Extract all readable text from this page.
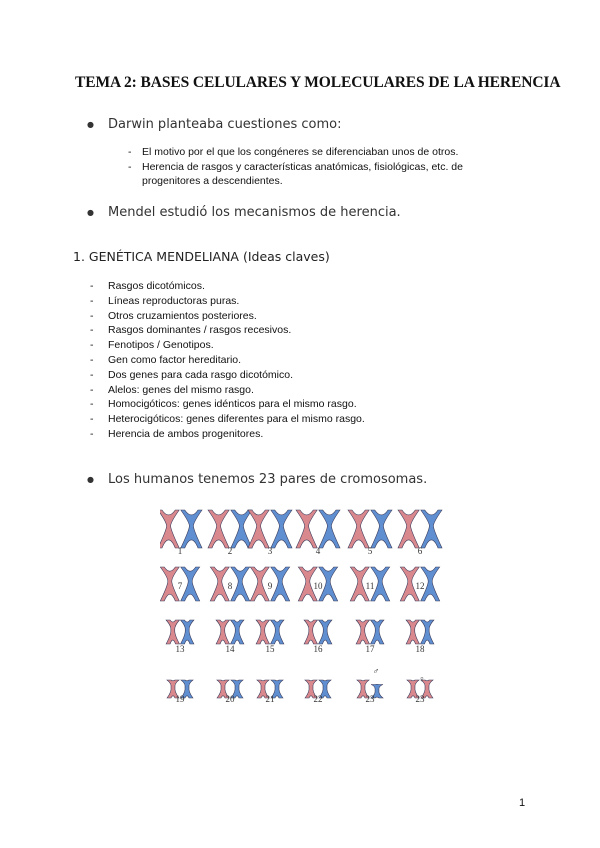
TEMA 2: BASES CELULARES Y MOLECULARES DE LA HERENCIA
● Darwin planteaba cuestiones como:
- El motivo por el que los congéneres se diferenciaban unos de otros.
- Herencia de rasgos y características anatómicas, fisiológicas, etc. de progenitores a descendientes.
● Mendel estudió los mecanismos de herencia.
1. GENÉTICA MENDELIANA (Ideas claves)
- Rasgos dicotómicos.
- Líneas reproductoras puras.
- Otros cruzamientos posteriores.
- Rasgos dominantes / rasgos recesivos.
- Fenotipos / Genotipos.
- Gen como factor hereditario.
- Dos genes para cada rasgo dicotómico.
- Alelos: genes del mismo rasgo.
- Homocigóticos: genes idénticos para el mismo rasgo.
- Heterocigóticos: genes diferentes para el mismo rasgo.
- Herencia de ambos progenitores.
● Los humanos tenemos 23 pares de cromosomas.
1	2	3	4	5	6
7	8	9	10	11	12
13	14	15	16	17	18
19	20	21	22	23	23
♂
♀
1
